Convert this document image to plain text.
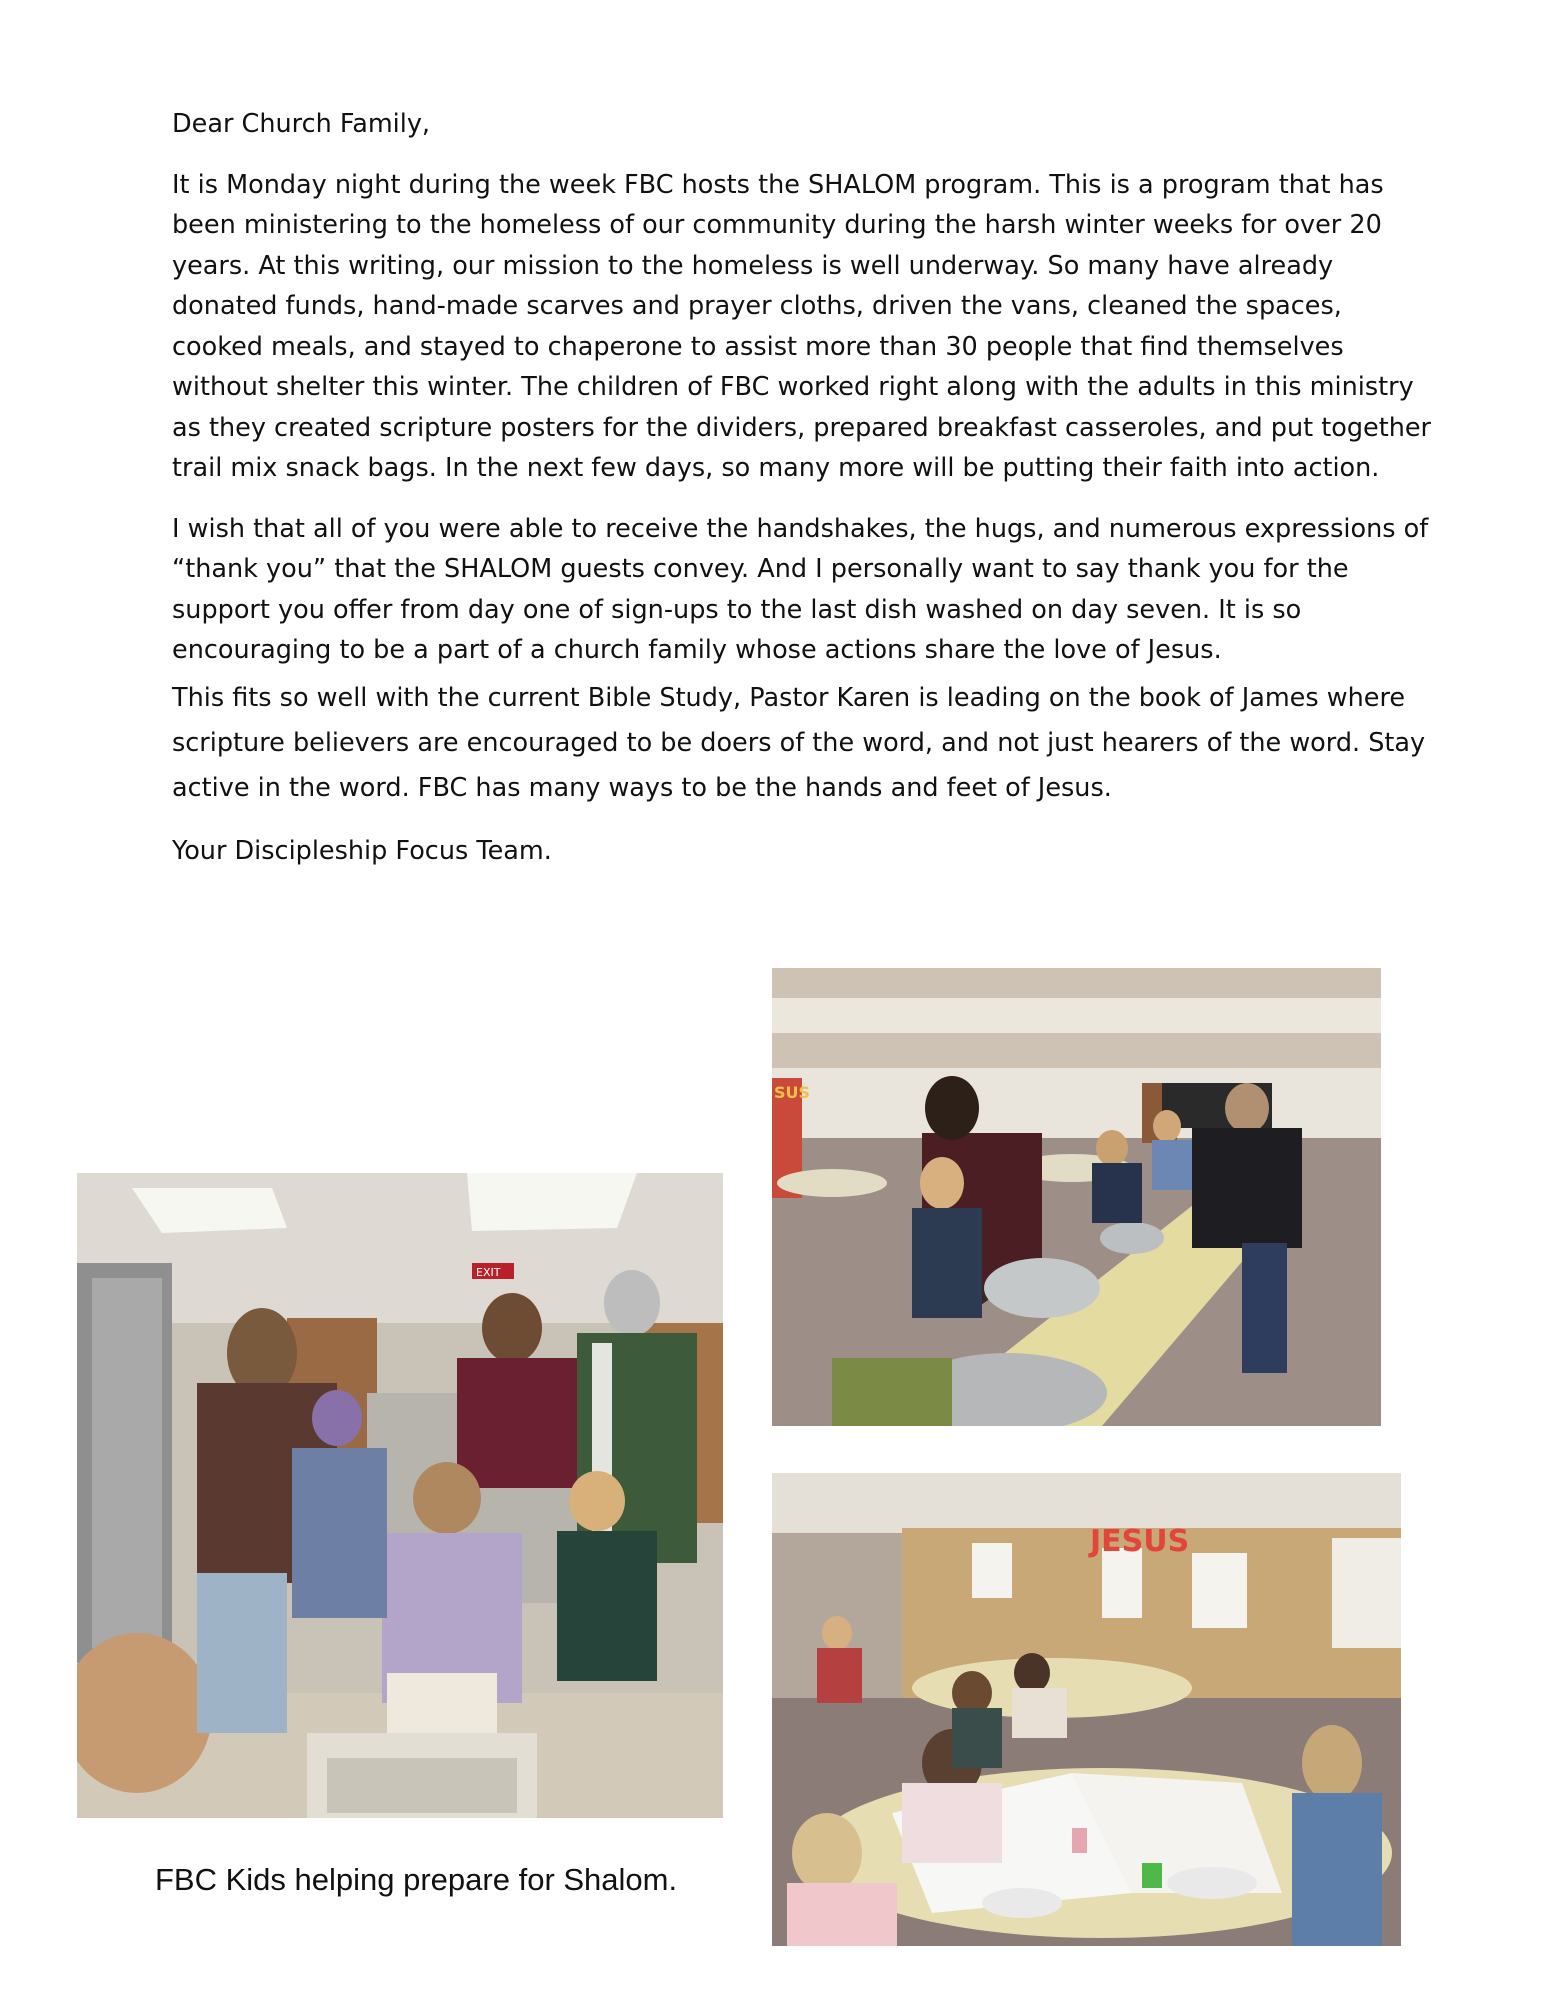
Dear Church Family,

It is Monday night during the week FBC hosts the SHALOM program. This is a program that has been ministering to the homeless of our community during the harsh winter weeks for over 20 years. At this writing, our mission to the homeless is well underway. So many have already donated funds, hand-made scarves and prayer cloths, driven the vans, cleaned the spaces, cooked meals, and stayed to chaperone to assist more than 30 people that find themselves without shelter this winter. The children of FBC worked right along with the adults in this ministry as they created scripture posters for the dividers, prepared breakfast casseroles, and put together trail mix snack bags. In the next few days, so many more will be putting their faith into action.

I wish that all of you were able to receive the handshakes, the hugs, and numerous expressions of “thank you” that the SHALOM guests convey. And I personally want to say thank you for the support you offer from day one of sign-ups to the last dish washed on day seven. It is so encouraging to be a part of a church family whose actions share the love of Jesus.

This fits so well with the current Bible Study, Pastor Karen is leading on the book of James where scripture believers are encouraged to be doers of the word, and not just hearers of the word. Stay active in the word. FBC has many ways to be the hands and feet of Jesus.

Your Discipleship Focus Team.

EXIT
SUS
JESUS
FBC Kids helping prepare for Shalom.
